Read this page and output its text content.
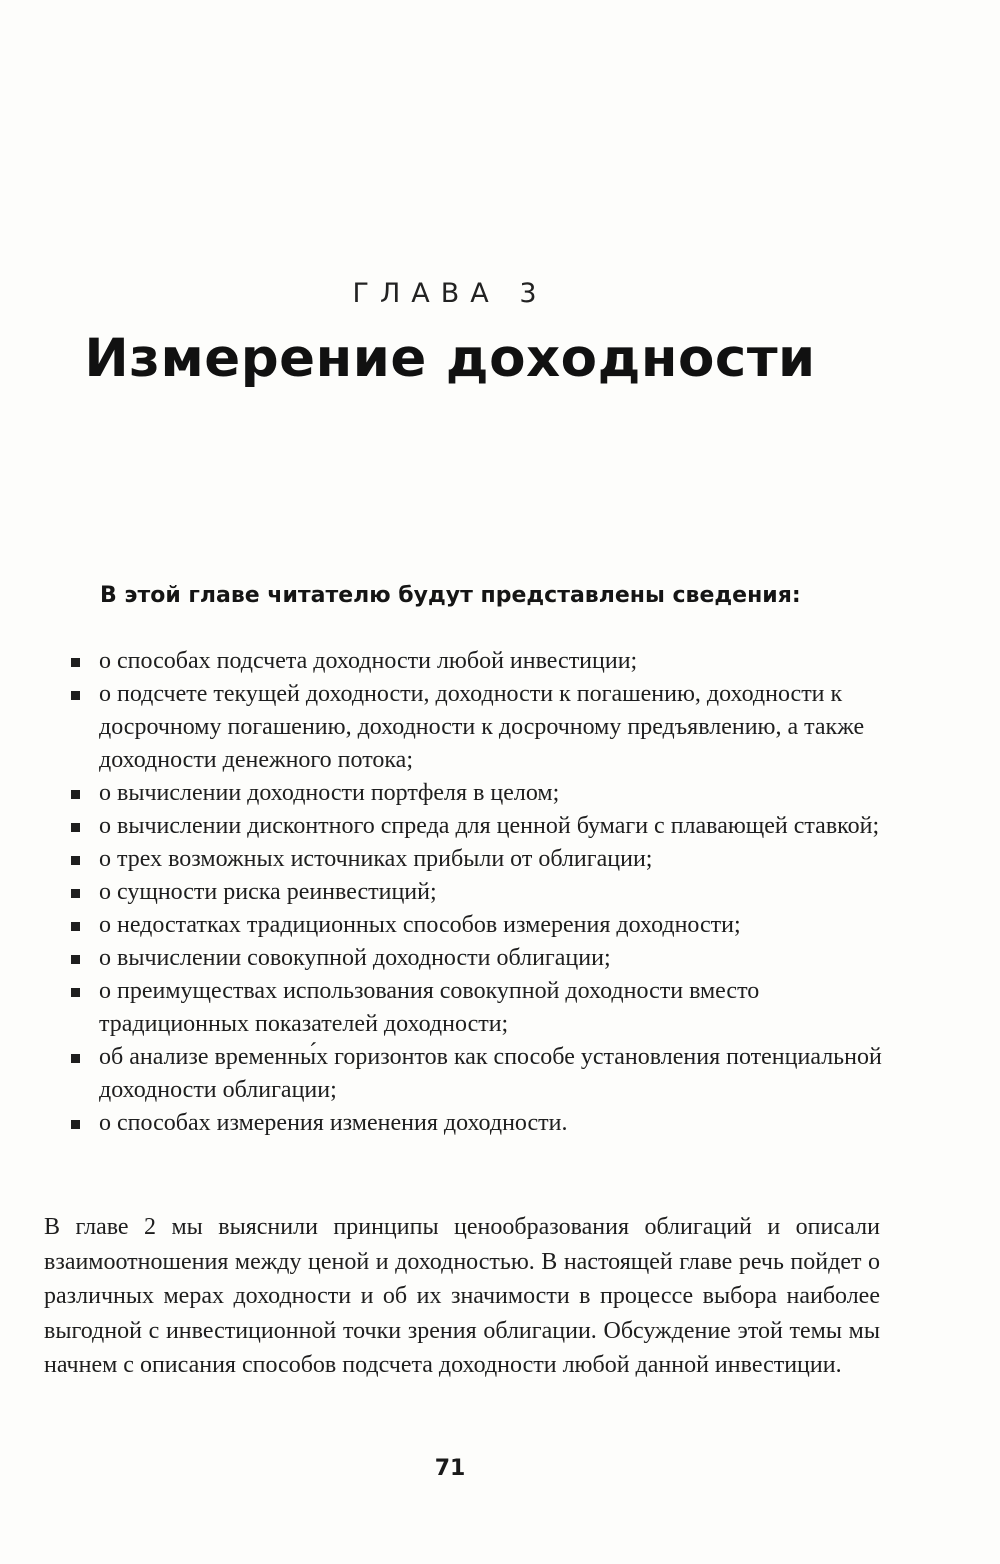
ГЛАВА 3
Измерение доходности
В этой главе читателю будут представлены сведения:
о способах подсчета доходности любой инвестиции;
о подсчете текущей доходности, доходности к погашению, доходности к досрочному погашению, доходности к досрочному предъявлению, а также доходности денежного потока;
о вычислении доходности портфеля в целом;
о вычислении дисконтного спреда для ценной бумаги с плавающей ставкой;
о трех возможных источниках прибыли от облигации;
о сущности риска реинвестиций;
о недостатках традиционных способов измерения доходности;
о вычислении совокупной доходности облигации;
о преимуществах использования совокупной доходности вместо традиционных показателей доходности;
об анализе временны́х горизонтов как способе установления потенциальной доходности облигации;
о способах измерения изменения доходности.

В главе 2 мы выяснили принципы ценообразования облигаций и описали взаимоотношения между ценой и доходностью. В настоящей главе речь пойдет о различных мерах доходности и об их значимости в процессе выбора наиболее выгодной с инвестиционной точки зрения облигации. Обсуждение этой темы мы начнем с описания способов подсчета доходности любой данной инвестиции.

71
